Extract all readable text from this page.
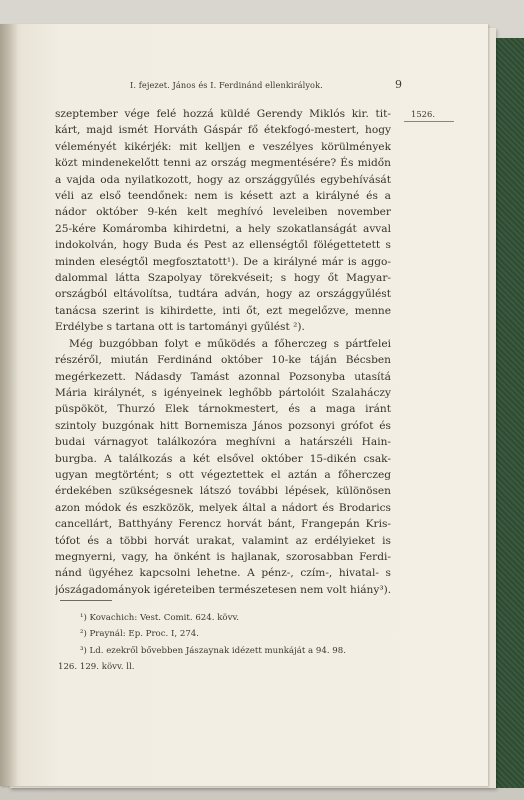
I. fejezet. János és I. Ferdinánd ellenkirályok.	9
1526.
szeptember vége felé hozzá küldé Gerendy Miklós kir. tit-
kárt, majd ismét Horváth Gáspár fő étekfogó-mestert, hogy
véleményét kikérjék: mit kelljen e veszélyes körülmények
közt mindenekelőtt tenni az ország megmentésére? És midőn
a vajda oda nyilatkozott, hogy az országgyűlés egybehívását
véli az első teendőnek: nem is késett azt a királyné és a
nádor október 9-kén kelt meghívó leveleiben november
25-kére Komáromba kihirdetni, a hely szokatlanságát avval
indokolván, hogy Buda és Pest az ellenségtől fölégettetett s
minden eleségtől megfosztatott¹). De a királyné már is aggo-
dalommal látta Szapolyay törekvéseit; s hogy őt Magyar-
országból eltávolítsa, tudtára adván, hogy az országgyűlést
tanácsa szerint is kihirdette, inti őt, ezt megelőzve, menne
Erdélybe s tartana ott is tartományi gyűlést ²).
Még buzgóbban folyt e működés a főherczeg s pártfelei
részéről, miután Ferdinánd október 10-ke táján Bécsben
megérkezett. Nádasdy Tamást azonnal Pozsonyba utasítá
Mária királynét, s igényeinek leghőbb pártolóit Szalaháczy
püspököt, Thurzó Elek tárnokmestert, és a maga iránt
szintoly buzgónak hitt Bornemisza János pozsonyi grófot és
budai várnagyot találkozóra meghívni a határszéli Hain-
burgba. A találkozás a két elsővel október 15-dikén csak-
ugyan megtörtént; s ott végeztettek el aztán a főherczeg
érdekében szükségesnek látszó további lépések, különösen
azon módok és eszközök, melyek által a nádort és Brodarics
cancellárt, Batthyány Ferencz horvát bánt, Frangepán Kris-
tófot és a többi horvát urakat, valamint az erdélyieket is
megnyerni, vagy, ha önként is hajlanak, szorosabban Ferdi-
nánd ügyéhez kapcsolni lehetne. A pénz-, czím-, hivatal- s
jószágadományok igéreteiben természetesen nem volt hiány³).
¹) Kovachich: Vest. Comit. 624. kövv.
²) Praynál: Ep. Proc. I, 274.
³) Ld. ezekről bővebben Jászaynak idézett munkáját a 94. 98.
126. 129. kövv. ll.
